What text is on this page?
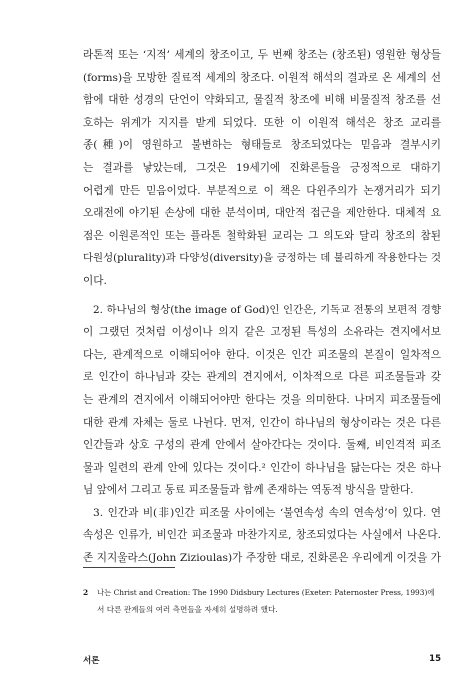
라톤적 또는 ‘지적’ 세계의 창조이고, 두 번째 창조는 (창조된) 영원한 형상들
(forms)을 모방한 질료적 세계의 창조다. 이원적 해석의 결과로 온 세계의 선
함에 대한 성경의 단언이 약화되고, 물질적 창조에 비해 비물질적 창조를 선
호하는 위계가 지지를 받게 되었다. 또한 이 이원적 해석은 창조 교리를
종(種)이 영원하고 불변하는 형태들로 창조되었다는 믿음과 결부시키
는 결과를 낳았는데, 그것은 19세기에 진화론들을 긍정적으로 대하기
어렵게 만든 믿음이었다. 부분적으로 이 책은 다윈주의가 논쟁거리가 되기
오래전에 야기된 손상에 대한 분석이며, 대안적 접근을 제안한다. 대체적 요
점은 이원론적인 또는 플라톤 철학화된 교리는 그 의도와 달리 창조의 참된
다원성(plurality)과 다양성(diversity)을 긍정하는 데 불리하게 작용한다는 것
이다.
2. 하나님의 형상(the image of God)인 인간은, 기독교 전통의 보편적 경향
이 그랬던 것처럼 이성이나 의지 같은 고정된 특성의 소유라는 견지에서보
다는, 관계적으로 이해되어야 한다. 이것은 인간 피조물의 본질이 일차적으
로 인간이 하나님과 갖는 관계의 견지에서, 이차적으로 다른 피조물들과 갖
는 관계의 견지에서 이해되어야만 한다는 것을 의미한다. 나머지 피조물들에
대한 관계 자체는 둘로 나뉜다. 먼저, 인간이 하나님의 형상이라는 것은 다른
인간들과 상호 구성의 관계 안에서 살아간다는 것이다. 둘째, 비인격적 피조
물과 일련의 관계 안에 있다는 것이다.² 인간이 하나님을 닮는다는 것은 하나
님 앞에서 그리고 동료 피조물들과 함께 존재하는 역동적 방식을 말한다.
3. 인간과 비(非)인간 피조물 사이에는 ‘불연속성 속의 연속성’이 있다. 연
속성은 인류가, 비인간 피조물과 마찬가지로, 창조되었다는 사실에서 나온다.
존 지지울라스(John Zizioulas)가 주장한 대로, 진화론은 우리에게 이것을 가
2 나는 Christ and Creation: The 1990 Didsbury Lectures (Exeter: Paternoster Press, 1993)에
서 다른 관계들의 여러 측면들을 자세히 설명하려 했다.
서론	15
